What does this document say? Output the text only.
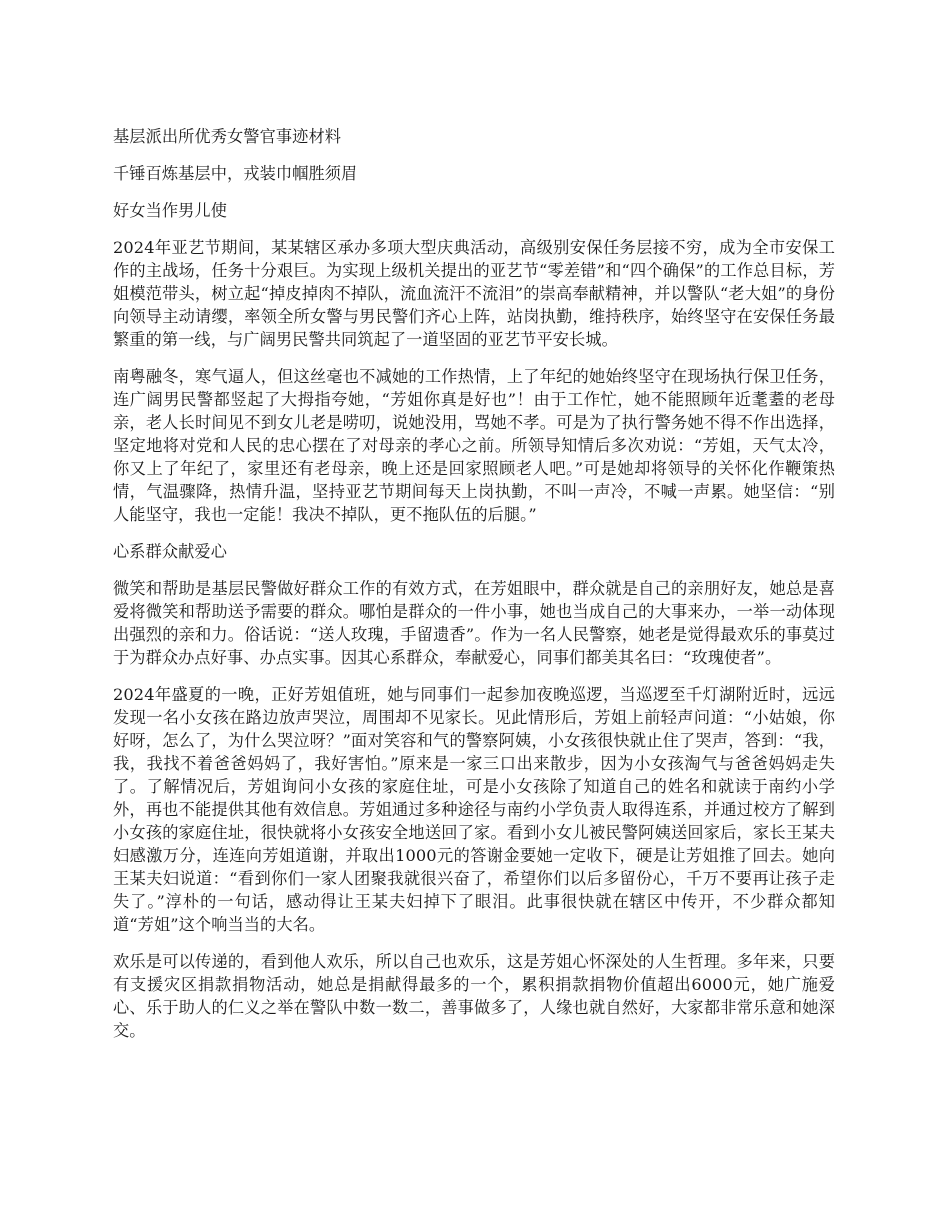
基层派出所优秀女警官事迹材料

千锤百炼基层中，戎装巾帼胜须眉

好女当作男儿使

2024年亚艺节期间，某某辖区承办多项大型庆典活动，高级别安保任务层接不穷，成为全市安保工作的主战场，任务十分艰巨。为实现上级机关提出的亚艺节“零差错”和“四个确保”的工作总目标，芳姐模范带头，树立起“掉皮掉肉不掉队，流血流汗不流泪”的崇高奉献精神，并以警队“老大姐”的身份向领导主动请缨，率领全所女警与男民警们齐心上阵，站岗执勤，维持秩序，始终坚守在安保任务最繁重的第一线，与广阔男民警共同筑起了一道坚固的亚艺节平安长城。

南粤融冬，寒气逼人，但这丝毫也不减她的工作热情，上了年纪的她始终坚守在现场执行保卫任务，连广阔男民警都竖起了大拇指夸她，“芳姐你真是好也”！由于工作忙，她不能照顾年近耄耋的老母亲，老人长时间见不到女儿老是唠叨，说她没用，骂她不孝。可是为了执行警务她不得不作出选择，坚定地将对党和人民的忠心摆在了对母亲的孝心之前。所领导知情后多次劝说：“芳姐，天气太冷，你又上了年纪了，家里还有老母亲，晚上还是回家照顾老人吧。”可是她却将领导的关怀化作鞭策热情，气温骤降，热情升温，坚持亚艺节期间每天上岗执勤，不叫一声冷，不喊一声累。她坚信：“别人能坚守，我也一定能！我决不掉队，更不拖队伍的后腿。”

心系群众献爱心

微笑和帮助是基层民警做好群众工作的有效方式，在芳姐眼中，群众就是自己的亲朋好友，她总是喜爱将微笑和帮助送予需要的群众。哪怕是群众的一件小事，她也当成自己的大事来办，一举一动体现出强烈的亲和力。俗话说：“送人玫瑰，手留遗香”。作为一名人民警察，她老是觉得最欢乐的事莫过于为群众办点好事、办点实事。因其心系群众，奉献爱心，同事们都美其名曰：“玫瑰使者”。

2024年盛夏的一晚，正好芳姐值班，她与同事们一起参加夜晚巡逻，当巡逻至千灯湖附近时，远远发现一名小女孩在路边放声哭泣，周围却不见家长。见此情形后，芳姐上前轻声问道：“小姑娘，你好呀，怎么了，为什么哭泣呀？”面对笑容和气的警察阿姨，小女孩很快就止住了哭声，答到：“我，我，我找不着爸爸妈妈了，我好害怕。”原来是一家三口出来散步，因为小女孩淘气与爸爸妈妈走失了。了解情况后，芳姐询问小女孩的家庭住址，可是小女孩除了知道自己的姓名和就读于南约小学外，再也不能提供其他有效信息。芳姐通过多种途径与南约小学负责人取得连系，并通过校方了解到小女孩的家庭住址，很快就将小女孩安全地送回了家。看到小女儿被民警阿姨送回家后，家长王某夫妇感激万分，连连向芳姐道谢，并取出1000元的答谢金要她一定收下，硬是让芳姐推了回去。她向王某夫妇说道：“看到你们一家人团聚我就很兴奋了，希望你们以后多留份心，千万不要再让孩子走失了。”淳朴的一句话，感动得让王某夫妇掉下了眼泪。此事很快就在辖区中传开，不少群众都知道“芳姐”这个响当当的大名。

欢乐是可以传递的，看到他人欢乐，所以自己也欢乐，这是芳姐心怀深处的人生哲理。多年来，只要有支援灾区捐款捐物活动，她总是捐献得最多的一个，累积捐款捐物价值超出6000元，她广施爱心、乐于助人的仁义之举在警队中数一数二，善事做多了，人缘也就自然好，大家都非常乐意和她深交。
